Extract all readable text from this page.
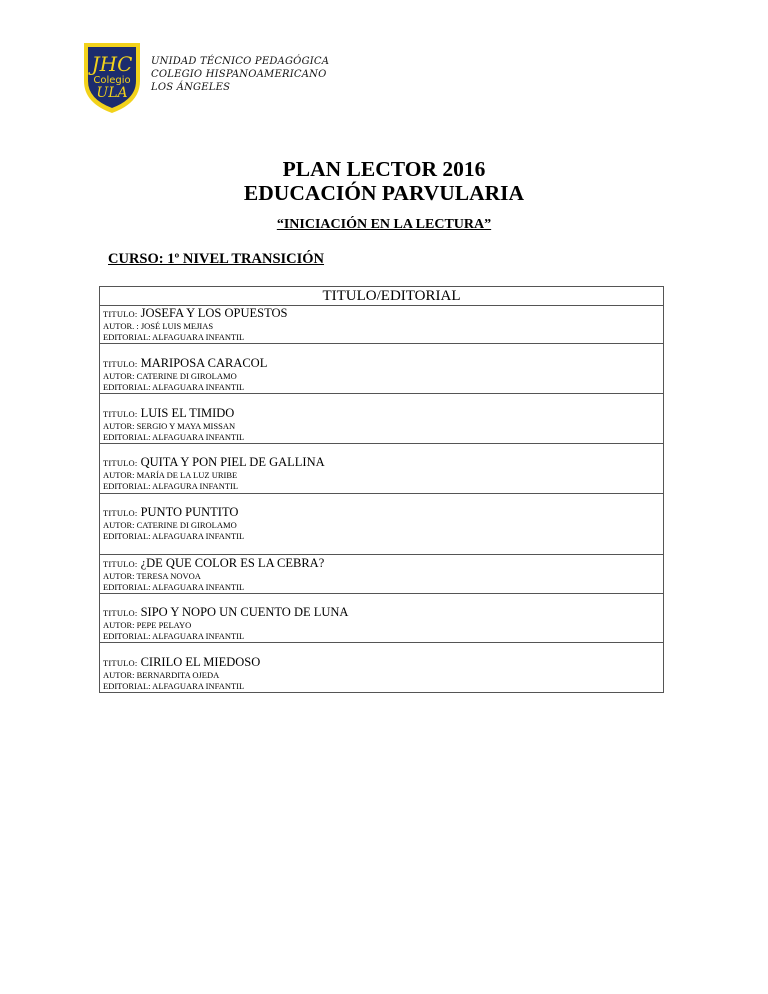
JHC
Colegio
ULA
UNIDAD TÉCNICO PEDAGÓGICA
COLEGIO HISPANOAMERICANO
LOS ÁNGELES
PLAN LECTOR 2016
EDUCACIÓN PARVULARIA
“INICIACIÓN EN LA LECTURA”
CURSO: 1º NIVEL TRANSICIÓN
TITULO/EDITORIAL
TITULO: JOSEFA Y LOS OPUESTOS
AUTOR. : JOSÉ LUIS MEJIAS
EDITORIAL: ALFAGUARA INFANTIL
TITULO: MARIPOSA CARACOL
AUTOR: CATERINE DI GIROLAMO
EDITORIAL: ALFAGUARA INFANTIL
TITULO: LUIS EL TIMIDO
AUTOR: SERGIO Y MAYA MISSAN
EDITORIAL: ALFAGUARA INFANTIL
TITULO: QUITA Y PON PIEL DE GALLINA
AUTOR: MARÍA DE LA LUZ URIBE
EDITORIAL: ALFAGURA INFANTIL
TITULO: PUNTO PUNTITO
AUTOR: CATERINE DI GIROLAMO
EDITORIAL: ALFAGUARA INFANTIL
TITULO: ¿DE QUE COLOR ES LA CEBRA?
AUTOR: TERESA NOVOA
EDITORIAL: ALFAGUARA INFANTIL
TITULO: SIPO Y NOPO UN CUENTO DE LUNA
AUTOR: PEPE PELAYO
EDITORIAL: ALFAGUARA INFANTIL
TITULO: CIRILO EL MIEDOSO
AUTOR: BERNARDITA OJEDA
EDITORIAL: ALFAGUARA INFANTIL
